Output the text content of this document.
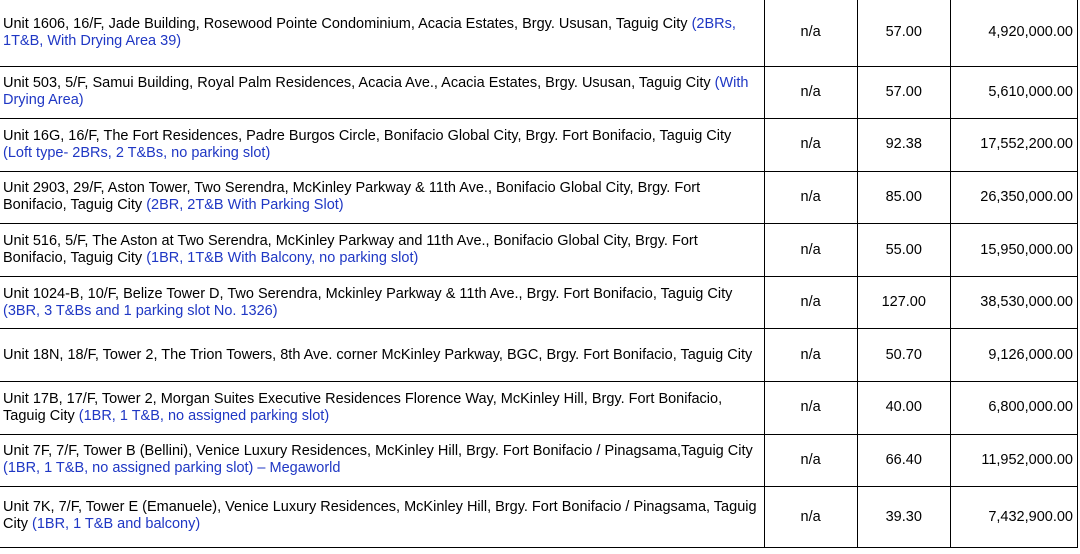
Unit 1606, 16/F, Jade Building, Rosewood Pointe Condominium, Acacia Estates, Brgy. Ususan, Taguig City (2BRs, 1T&B, With Drying Area 39)	n/a	57.00	4,920,000.00
Unit 503, 5/F, Samui Building, Royal Palm Residences, Acacia Ave., Acacia Estates, Brgy. Ususan, Taguig City (With Drying Area)	n/a	57.00	5,610,000.00
Unit 16G, 16/F, The Fort Residences, Padre Burgos Circle, Bonifacio Global City, Brgy. Fort Bonifacio, Taguig City (Loft type- 2BRs, 2 T&Bs, no parking slot)	n/a	92.38	17,552,200.00
Unit 2903, 29/F, Aston Tower, Two Serendra, McKinley Parkway & 11th Ave., Bonifacio Global City, Brgy. Fort Bonifacio, Taguig City (2BR, 2T&B With Parking Slot)	n/a	85.00	26,350,000.00
Unit 516, 5/F, The Aston at Two Serendra, McKinley Parkway and 11th Ave., Bonifacio Global City, Brgy. Fort Bonifacio, Taguig City (1BR, 1T&B With Balcony, no parking slot)	n/a	55.00	15,950,000.00
Unit 1024-B, 10/F, Belize Tower D, Two Serendra, Mckinley Parkway & 11th Ave., Brgy. Fort Bonifacio, Taguig City (3BR, 3 T&Bs and 1 parking slot No. 1326)	n/a	127.00	38,530,000.00
Unit 18N, 18/F, Tower 2, The Trion Towers, 8th Ave. corner McKinley Parkway, BGC, Brgy. Fort Bonifacio, Taguig City	n/a	50.70	9,126,000.00
Unit 17B, 17/F, Tower 2, Morgan Suites Executive Residences Florence Way, McKinley Hill, Brgy. Fort Bonifacio, Taguig City (1BR, 1 T&B, no assigned parking slot)	n/a	40.00	6,800,000.00
Unit 7F, 7/F, Tower B (Bellini), Venice Luxury Residences, McKinley Hill, Brgy. Fort Bonifacio / Pinagsama,Taguig City (1BR, 1 T&B, no assigned parking slot) – Megaworld	n/a	66.40	11,952,000.00
Unit 7K, 7/F, Tower E (Emanuele), Venice Luxury Residences, McKinley Hill, Brgy. Fort Bonifacio / Pinagsama, Taguig City (1BR, 1 T&B and balcony)	n/a	39.30	7,432,900.00
